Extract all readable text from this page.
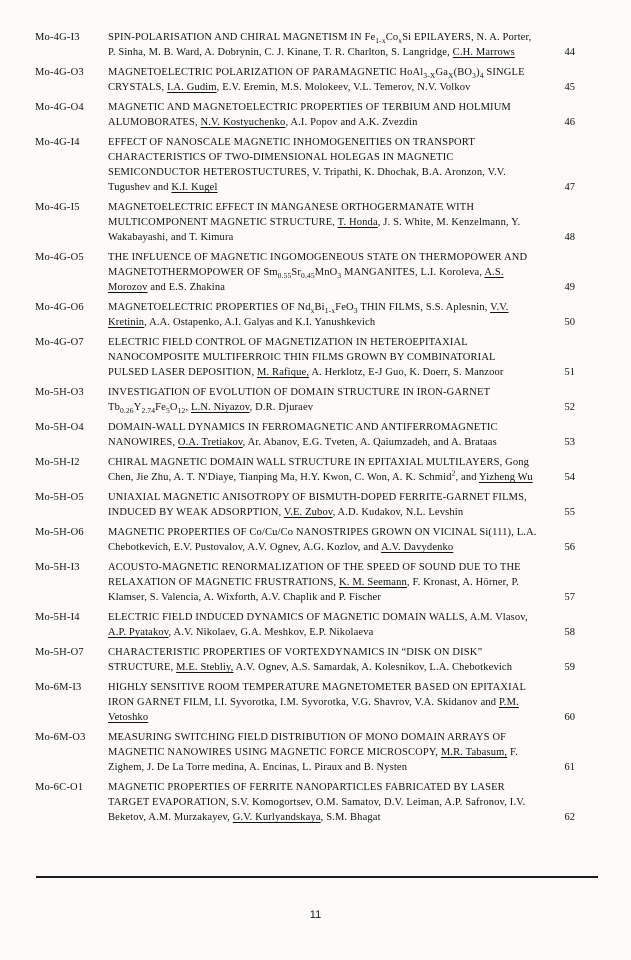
Mo-4G-I3	SPIN-POLARISATION AND CHIRAL MAGNETISM IN $Fe_{1-x}Co_xSi$ EPILAYERS, N. A. Porter, P. Sinha, M. B. Ward, A. Dobrynin, C. J. Kinane, T. R. Charlton, S. Langridge, C.H. Marrows	44
Mo-4G-O3	MAGNETOELECTRIC POLARIZATION OF PARAMAGNETIC $HoAl_{3-X}Ga_X(BO_3)_4$ SINGLE CRYSTALS, I.A. Gudim, E.V. Eremin, M.S. Molokeev, V.L. Temerov, N.V. Volkov	45
Mo-4G-O4	MAGNETIC AND MAGNETOELECTRIC PROPERTIES OF TERBIUM AND HOLMIUM ALUMOBORATES, N.V. Kostyuchenko, A.I. Popov and A.K. Zvezdin	46
Mo-4G-I4	EFFECT OF NANOSCALE MAGNETIC INHOMOGENEITIES ON TRANSPORT CHARACTERISTICS OF TWO-DIMENSIONAL HOLEGAS IN MAGNETIC SEMICONDUCTOR HETEROSTUCTURES, V. Tripathi, K. Dhochak, B.A. Aronzon, V.V. Tugushev and K.I. Kugel	47
Mo-4G-I5	MAGNETOELECTRIC EFFECT IN MANGANESE ORTHOGERMANATE WITH MULTICOMPONENT MAGNETIC STRUCTURE, T. Honda, J. S. White, M. Kenzelmann, Y. Wakabayashi, and T. Kimura	48
Mo-4G-O5	THE INFLUENCE OF MAGNETIC INGOMOGENEOUS STATE ON THERMOPOWER AND MAGNETOTHERMOPOWER OF $Sm_{0.55}Sr_{0.45}MnO_3$ MANGANITES, L.I. Koroleva, A.S. Morozov and E.S. Zhakina	49
Mo-4G-O6	MAGNETOELECTRIC PROPERTIES OF $Nd_xBi_{1-x}FeO_3$ THIN FILMS, S.S. Aplesnin, V.V. Kretinin, A.A. Ostapenko, A.I. Galyas and K.I. Yanushkevich	50
Mo-4G-O7	ELECTRIC FIELD CONTROL OF MAGNETIZATION IN HETEROEPITAXIAL NANOCOMPOSITE MULTIFERROIC THIN FILMS GROWN BY COMBINATORIAL PULSED LASER DEPOSITION, M. Rafique, A. Herklotz, E-J Guo, K. Doerr, S. Manzoor	51
Mo-5H-O3	INVESTIGATION OF EVOLUTION OF DOMAIN STRUCTURE IN IRON-GARNET $Tb_{0.26}Y_{2.74}Fe_5O_{12}$, L.N. Niyazov, D.R. Djuraev	52
Mo-5H-O4	DOMAIN-WALL DYNAMICS IN FERROMAGNETIC AND ANTIFERROMAGNETIC NANOWIRES, O.A. Tretiakov, Ar. Abanov, E.G. Tveten, A. Qaiumzadeh, and A. Brataas	53
Mo-5H-I2	CHIRAL MAGNETIC DOMAIN WALL STRUCTURE IN EPITAXIAL MULTILAYERS, Gong Chen, Jie Zhu, A. T. N'Diaye, Tianping Ma, H.Y. Kwon, C. Won, A. K. Schmid$^2$, and Yizheng Wu	54
Mo-5H-O5	UNIAXIAL MAGNETIC ANISOTROPY OF BISMUTH-DOPED FERRITE-GARNET FILMS, INDUCED BY WEAK ADSORPTION, V.E. Zubov, A.D. Kudakov, N.L. Levshin	55
Mo-5H-O6	MAGNETIC PROPERTIES OF Co/Cu/Co NANOSTRIPES GROWN ON VICINAL Si(111), L.A. Chebotkevich, E.V. Pustovalov, A.V. Ognev, A.G. Kozlov, and A.V. Davydenko	56
Mo-5H-I3	ACOUSTO-MAGNETIC RENORMALIZATION OF THE SPEED OF SOUND DUE TO THE RELAXATION OF MAGNETIC FRUSTRATIONS, K. M. Seemann, F. Kronast, A. Hörner, P. Klamser, S. Valencia, A. Wixforth, A.V. Chaplik and P. Fischer	57
Mo-5H-I4	ELECTRIC FIELD INDUCED DYNAMICS OF MAGNETIC DOMAIN WALLS, A.M. Vlasov, A.P. Pyatakov, A.V. Nikolaev, G.A. Meshkov, E.P. Nikolaeva	58
Mo-5H-O7	CHARACTERISTIC PROPERTIES OF VORTEXDYNAMICS IN “DISK ON DISK” STRUCTURE, M.E. Stebliy, A.V. Ognev, A.S. Samardak, A. Kolesnikov, L.A. Chebotkevich	59
Mo-6M-I3	HIGHLY SENSITIVE ROOM TEMPERATURE MAGNETOMETER BASED ON EPITAXIAL IRON GARNET FILM, I.I. Syvorotka, I.M. Syvorotka, V.G. Shavrov, V.A. Skidanov and P.M. Vetoshko	60
Mo-6M-O3	MEASURING SWITCHING FIELD DISTRIBUTION OF MONO DOMAIN ARRAYS OF MAGNETIC NANOWIRES USING MAGNETIC FORCE MICROSCOPY, M.R. Tabasum, F. Zighem, J. De La Torre medina, A. Encinas, L. Piraux and B. Nysten	61
Mo-6C-O1	MAGNETIC PROPERTIES OF FERRITE NANOPARTICLES FABRICATED BY LASER TARGET EVAPORATION, S.V. Komogortsev, O.M. Samatov, D.V. Leiman, A.P. Safronov, I.V. Beketov, A.M. Murzakayev, G.V. Kurlyandskaya, S.M. Bhagat	62
11
